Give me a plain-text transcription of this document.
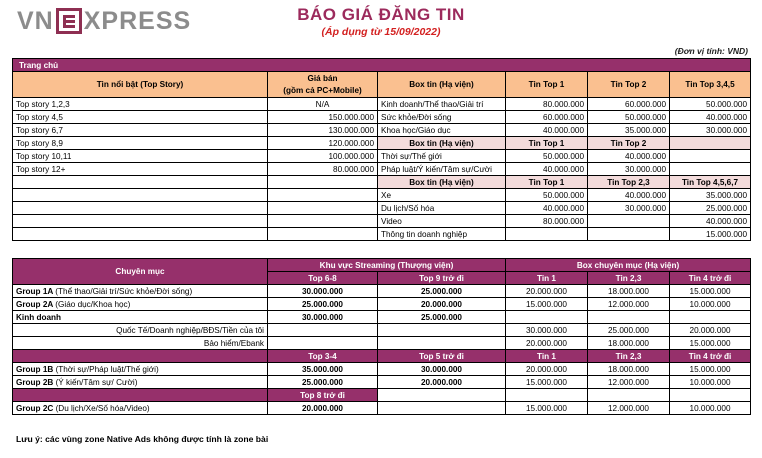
VN XPRESS	BÁO GIÁ ĐĂNG TIN
(Áp dụng từ 15/09/2022)
(Đơn vị tính: VND)
Trang chủ					
Tin nổi bật (Top Story)	Giá bán	Box tin (Hạ viện)	Tin Top 1	Tin Top 2	Tin Top 3,4,5
	(gồm cả PC+Mobile)				
Top story 1,2,3	N/A	Kinh doanh/Thể thao/Giải trí	80.000.000	60.000.000	50.000.000
Top story 4,5	150.000.000	Sức khỏe/Đời sống	60.000.000	50.000.000	40.000.000
Top story 6,7	130.000.000	Khoa học/Giáo dục	40.000.000	35.000.000	30.000.000
Top story 8,9	120.000.000	Box tin (Hạ viện)	Tin Top 1	Tin Top 2	
Top story 10,11	100.000.000	Thời sự/Thế giới	50.000.000	40.000.000	
Top story 12+	80.000.000	Pháp luật/Ý kiến/Tâm sự/Cười	40.000.000	30.000.000	
		Box tin (Hạ viện)	Tin Top 1	Tin Top 2,3	Tin Top 4,5,6,7
		Xe	50.000.000	40.000.000	35.000.000
		Du lịch/Số hóa	40.000.000	30.000.000	25.000.000
		Video	80.000.000		40.000.000
		Thông tin doanh nghiệp			15.000.000
Chuyên mục	Khu vực Streaming (Thượng viện)		Box chuyên mục (Hạ viện)		
	Top 6-8	Top 9 trở đi	Tin 1	Tin 2,3	Tin 4 trở đi
Group 1A (Thể thao/Giải trí/Sức khỏe/Đời sống)	30.000.000	25.000.000	20.000.000	18.000.000	15.000.000
Group 2A (Giáo dục/Khoa học)	25.000.000	20.000.000	15.000.000	12.000.000	10.000.000
Kinh doanh	30.000.000	25.000.000			
Quốc Tế/Doanh nghiệp/BĐS/Tiền của tôi			30.000.000	25.000.000	20.000.000
Bảo hiểm/Ebank			20.000.000	18.000.000	15.000.000
	Top 3-4	Top 5 trở đi	Tin 1	Tin 2,3	Tin 4 trở đi
Group 1B (Thời sự/Pháp luật/Thế giới)	35.000.000	30.000.000	20.000.000	18.000.000	15.000.000
Group 2B (Ý kiến/Tâm sự/ Cười)	25.000.000	20.000.000	15.000.000	12.000.000	10.000.000
	Top 8 trở đi				
Group 2C (Du lịch/Xe/Số hóa/Video)	20.000.000		15.000.000	12.000.000	10.000.000
Lưu ý: các vùng zone Native Ads không được tính là zone bài
